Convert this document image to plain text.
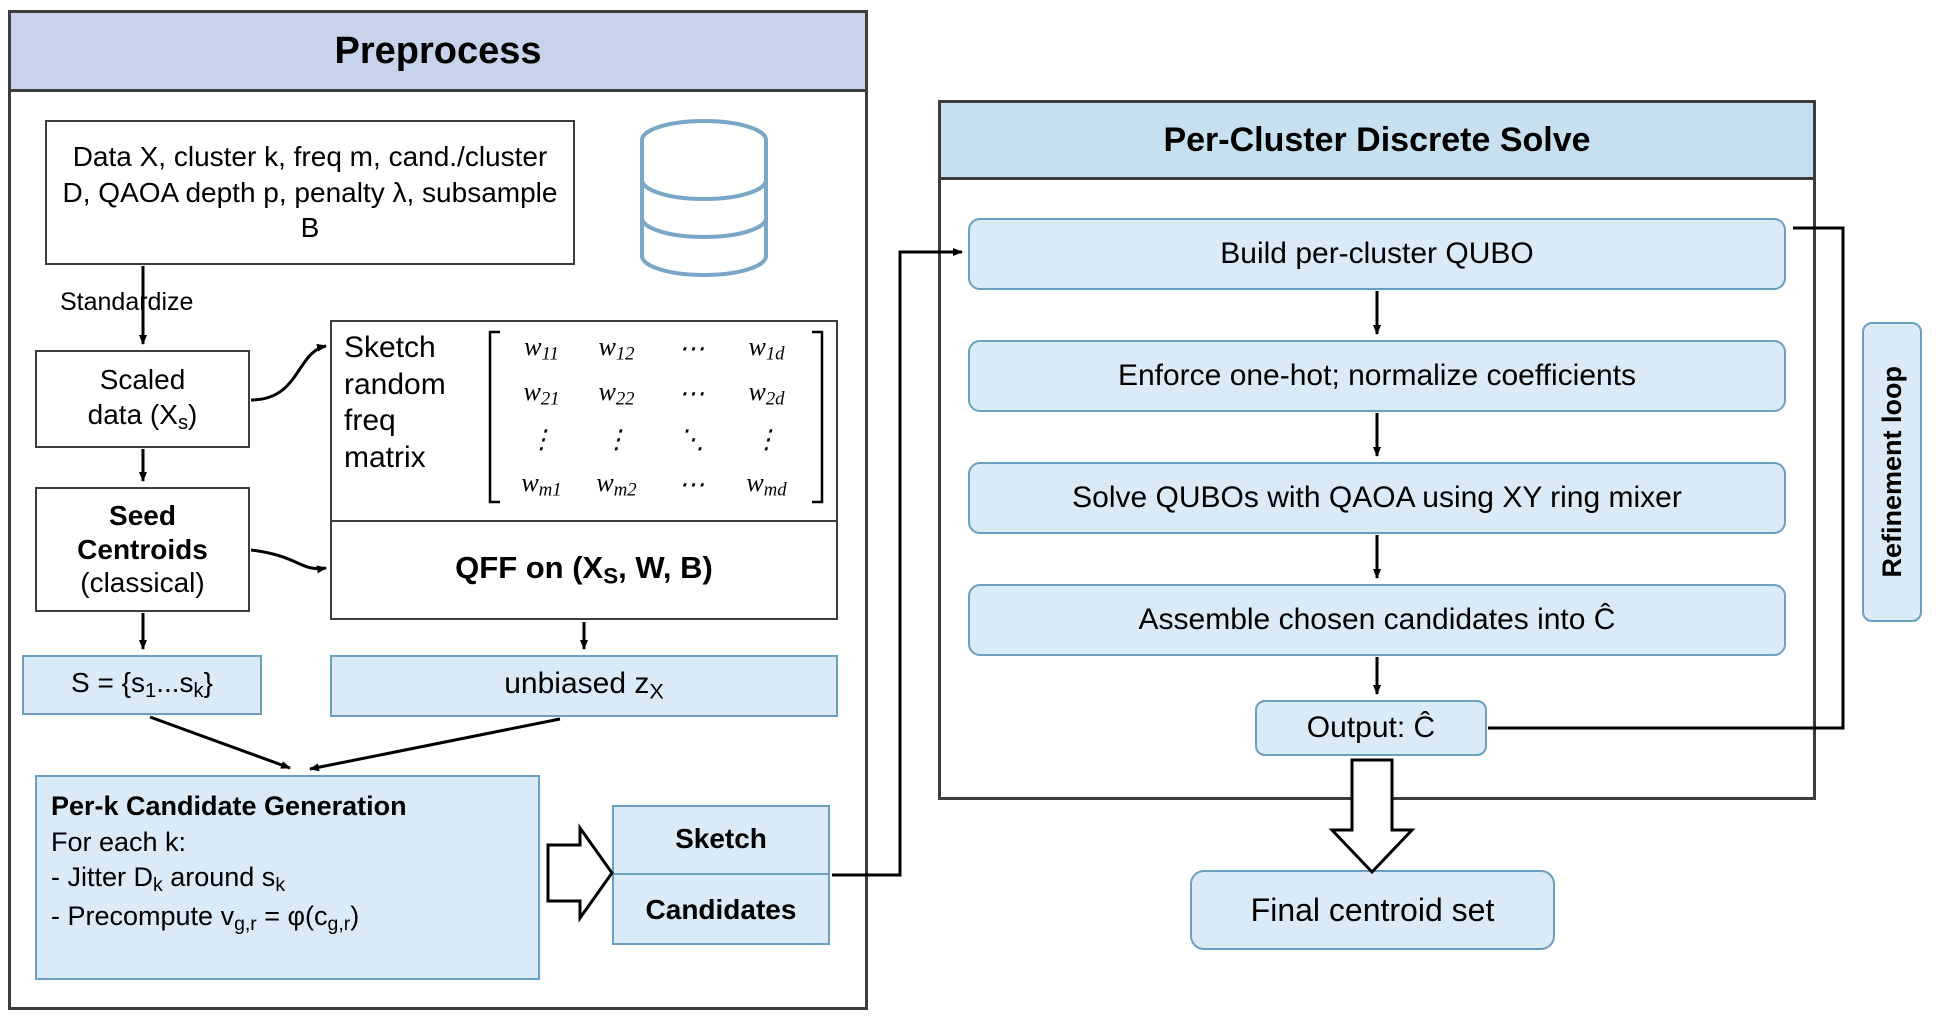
Preprocess
Data X, cluster k, freq m, cand./cluster D, QAOA depth p, penalty λ, subsample B
Standardize
Scaled
data $(X_s)$
Seed
Centroids
(classical)
$S = \{s_1...s_k\}$
Sketch
random
freq
matrix
$w_{11}$	$w_{12}$	⋯	$w_{1d}$
$w_{21}$	$w_{22}$	⋯	$w_{2d}$
⋮	⋮	⋱	⋮
$w_{m1}$	$w_{m2}$	⋯	$w_{md}$
QFF on ($X_S$, W, B)
unbiased $z_X$
Per-k Candidate Generation
For each k:
- Jitter $D_k$ around $s_k$
- Precompute $v_{g,r} = \varphi(c_{g,r})$
Sketch
Candidates
Per-Cluster Discrete Solve
Build per-cluster QUBO
Enforce one-hot; normalize coefficients
Solve QUBOs with QAOA using XY ring mixer
Assemble chosen candidates into Ĉ
Output: Ĉ
Final centroid set
Refinement loop
